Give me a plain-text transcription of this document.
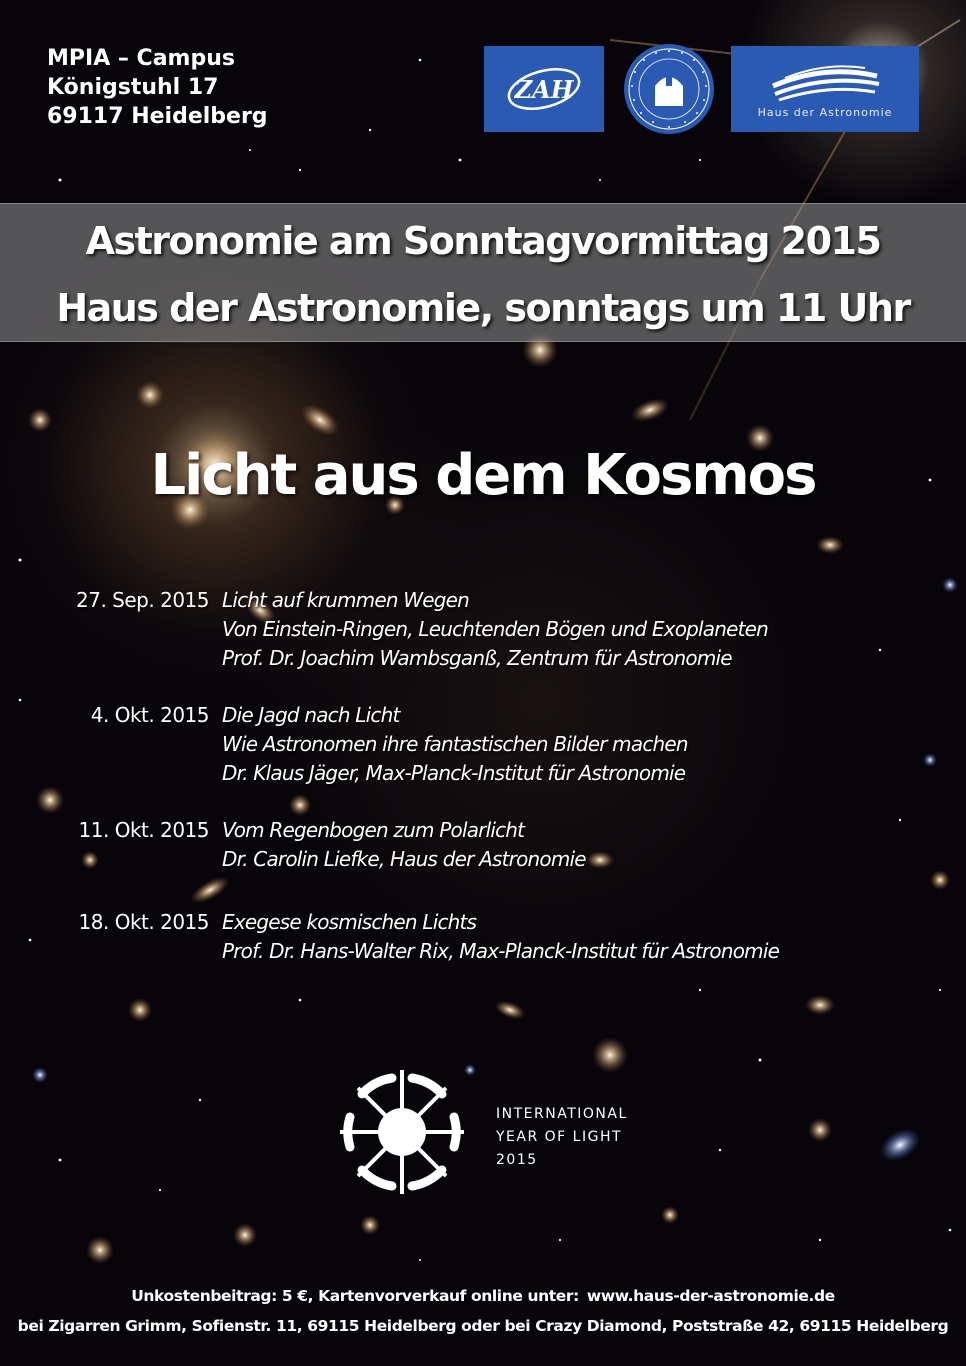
MPIA – Campus
Königstuhl 17
69117 Heidelberg
ZAH
Haus der Astronomie
Astronomie am Sonntagvormittag 2015
Haus der Astronomie, sonntags um 11 Uhr
Licht aus dem Kosmos
27. Sep. 2015 Licht auf krummen Wegen
Von Einstein-Ringen, Leuchtenden Bögen und Exoplaneten
Prof. Dr. Joachim Wambsganß, Zentrum für Astronomie
4. Okt. 2015 Die Jagd nach Licht
Wie Astronomen ihre fantastischen Bilder machen
Dr. Klaus Jäger, Max-Planck-Institut für Astronomie
11. Okt. 2015 Vom Regenbogen zum Polarlicht
Dr. Carolin Liefke, Haus der Astronomie
18. Okt. 2015 Exegese kosmischen Lichts
Prof. Dr. Hans-Walter Rix, Max-Planck-Institut für Astronomie
INTERNATIONAL
YEAR OF LIGHT
2015
Unkostenbeitrag: 5 €, Kartenvorverkauf online unter: www.haus-der-astronomie.de
bei Zigarren Grimm, Sofienstr. 11, 69115 Heidelberg oder bei Crazy Diamond, Poststraße 42, 69115 Heidelberg
